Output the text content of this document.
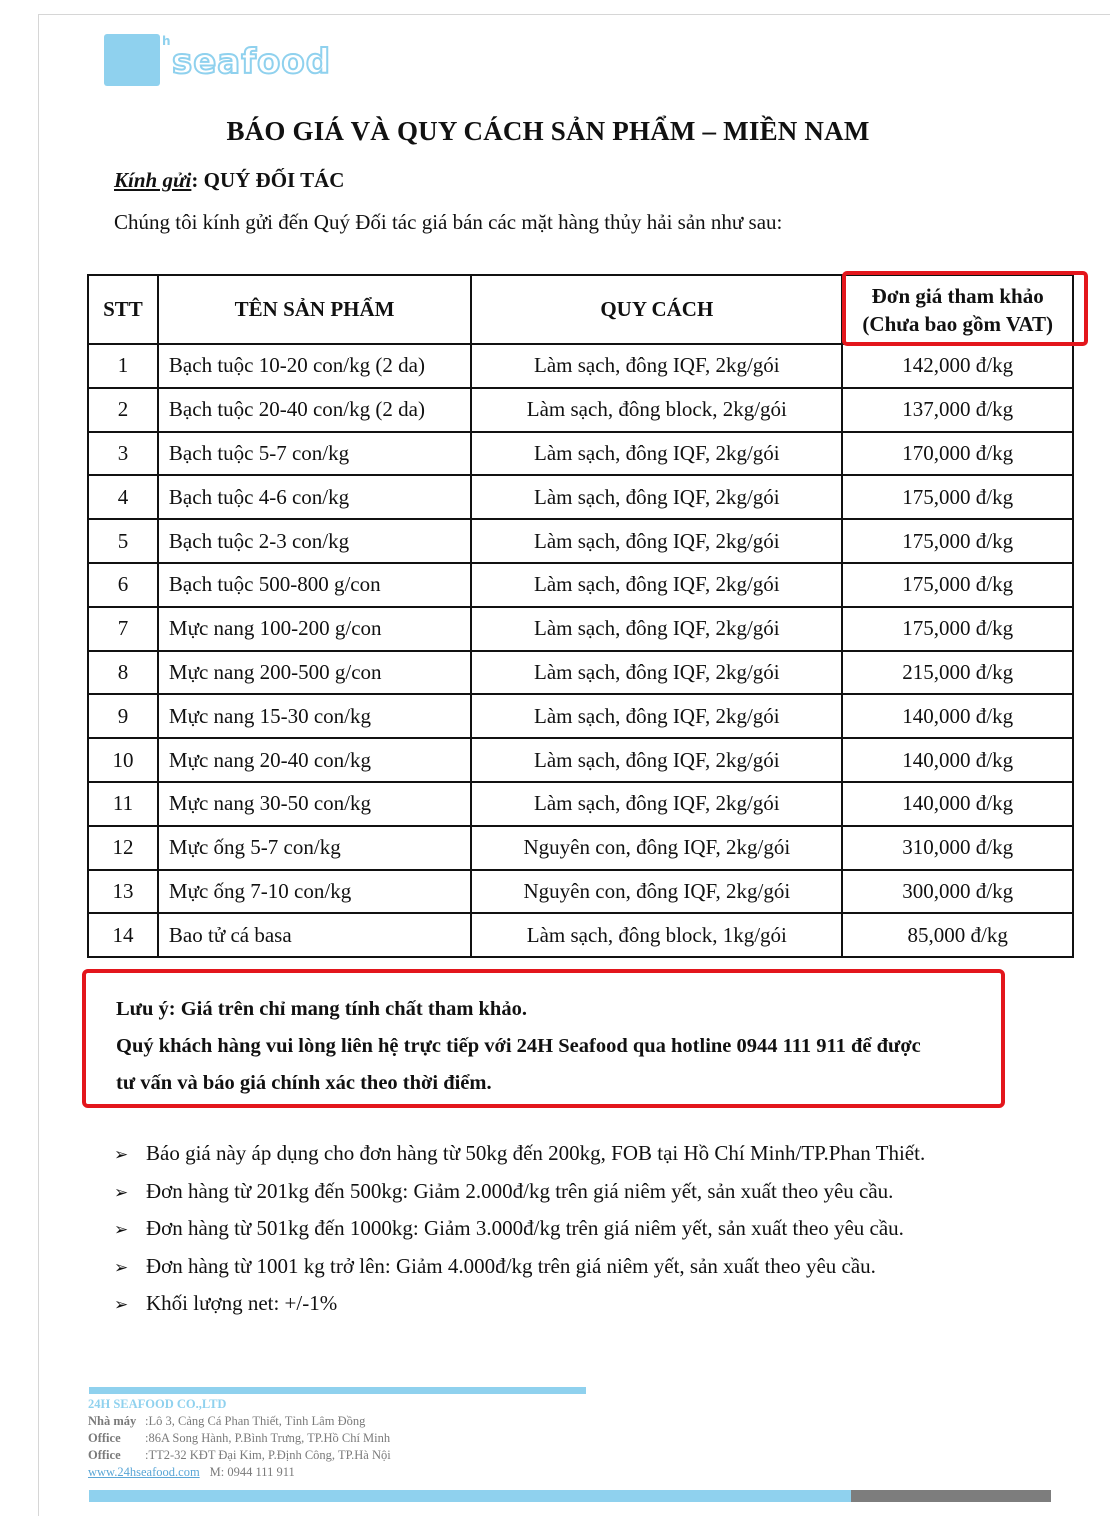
h
seafood
BÁO GIÁ VÀ QUY CÁCH SẢN PHẨM – MIỀN NAM
Kính gửi: QUÝ ĐỐI TÁC
Chúng tôi kính gửi đến Quý Đối tác giá bán các mặt hàng thủy hải sản như sau:
STT	TÊN SẢN PHẨM	QUY CÁCH	Đơn giá tham khảo
(Chưa bao gồm VAT)
1	Bạch tuộc 10-20 con/kg (2 da)	Làm sạch, đông IQF, 2kg/gói	142,000 đ/kg
2	Bạch tuộc 20-40 con/kg (2 da)	Làm sạch, đông block, 2kg/gói	137,000 đ/kg
3	Bạch tuộc 5-7 con/kg	Làm sạch, đông IQF, 2kg/gói	170,000 đ/kg
4	Bạch tuộc 4-6 con/kg	Làm sạch, đông IQF, 2kg/gói	175,000 đ/kg
5	Bạch tuộc 2-3 con/kg	Làm sạch, đông IQF, 2kg/gói	175,000 đ/kg
6	Bạch tuộc 500-800 g/con	Làm sạch, đông IQF, 2kg/gói	175,000 đ/kg
7	Mực nang 100-200 g/con	Làm sạch, đông IQF, 2kg/gói	175,000 đ/kg
8	Mực nang 200-500 g/con	Làm sạch, đông IQF, 2kg/gói	215,000 đ/kg
9	Mực nang 15-30 con/kg	Làm sạch, đông IQF, 2kg/gói	140,000 đ/kg
10	Mực nang 20-40 con/kg	Làm sạch, đông IQF, 2kg/gói	140,000 đ/kg
11	Mực nang 30-50 con/kg	Làm sạch, đông IQF, 2kg/gói	140,000 đ/kg
12	Mực ống 5-7 con/kg	Nguyên con, đông IQF, 2kg/gói	310,000 đ/kg
13	Mực ống 7-10 con/kg	Nguyên con, đông IQF, 2kg/gói	300,000 đ/kg
14	Bao tử cá basa	Làm sạch, đông block, 1kg/gói	85,000 đ/kg
Lưu ý: Giá trên chỉ mang tính chất tham khảo.
Quý khách hàng vui lòng liên hệ trực tiếp với 24H Seafood qua hotline 0944 111 911 để được
tư vấn và báo giá chính xác theo thời điểm.
➢ Báo giá này áp dụng cho đơn hàng từ 50kg đến 200kg, FOB tại Hồ Chí Minh/TP.Phan Thiết.
➢ Đơn hàng từ 201kg đến 500kg: Giảm 2.000đ/kg trên giá niêm yết, sản xuất theo yêu cầu.
➢ Đơn hàng từ 501kg đến 1000kg: Giảm 3.000đ/kg trên giá niêm yết, sản xuất theo yêu cầu.
➢ Đơn hàng từ 1001 kg trở lên: Giảm 4.000đ/kg trên giá niêm yết, sản xuất theo yêu cầu.
➢ Khối lượng net: +/-1%
24H SEAFOOD CO.,LTD
Nhà máy :Lô 3, Cảng Cá Phan Thiết, Tỉnh Lâm Đồng
Office :86A Song Hành, P.Bình Trưng, TP.Hồ Chí Minh
Office :TT2-32 KĐT Đại Kim, P.Định Công, TP.Hà Nội
www.24hseafood.com M: 0944 111 911
